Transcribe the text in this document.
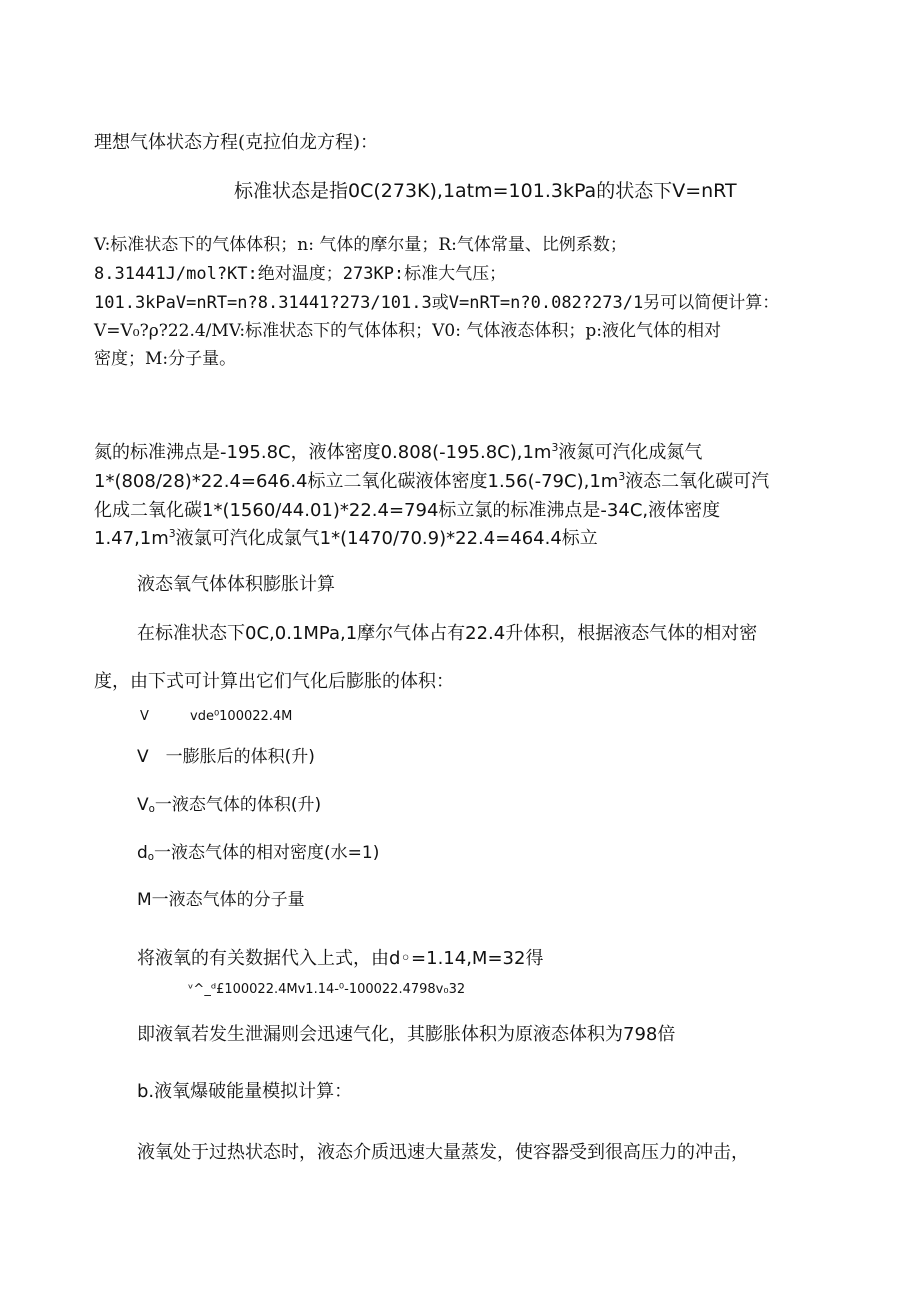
理想气体状态方程(克拉伯龙方程)：
标准状态是指0C(273K),1atm=101.3kPa的状态下V=nRT
V:标准状态下的气体体积；n: 气体的摩尔量；R:气体常量、比例系数；
8.31441J/mol?KT:绝对温度；273KP:标准大气压；
101.3kPaV=nRT=n?8.31441?273/101.3或V=nRT=n?0.082?273/1另可以简便计算：
V=V₀?ρ?22.4/MV:标准状态下的气体体积；V0: 气体液态体积；p:液化气体的相对
密度；M:分子量。
氮的标准沸点是-195.8C，液体密度$0.808(-195.8C),1m^3$液氮可汽化成氮气
1*(808/28)*22.4=646.4标立二氧化碳液体密度$1.56(-79C),1m^3$液态二氧化碳可汽
化成二氧化碳1*(1560/44.01)*22.4=794标立氯的标准沸点是-34C,液体密度
$1.47,1m^3$液氯可汽化成氯气1*(1470/70.9)*22.4=464.4标立
液态氧气体体积膨胀计算
在标准状态下0C,0.1MPa,1摩尔气体占有22.4升体积，根据液态气体的相对密
度，由下式可计算出它们气化后膨胀的体积：
V	vde⁰100022.4M
V　一膨胀后的体积(升)
$V_o$一液态气体的体积(升)
$d_o$一液态气体的相对密度(水=1)
M一液态气体的分子量
将液氧的有关数据代入上式，由d◦=1.14,M=32得
ᵛ^_ᵈ£100022.4Mv1.14-⁰-100022.4798v₀32
即液氧若发生泄漏则会迅速气化，其膨胀体积为原液态体积为798倍
b.液氧爆破能量模拟计算：
液氧处于过热状态时，液态介质迅速大量蒸发，使容器受到很高压力的冲击，
